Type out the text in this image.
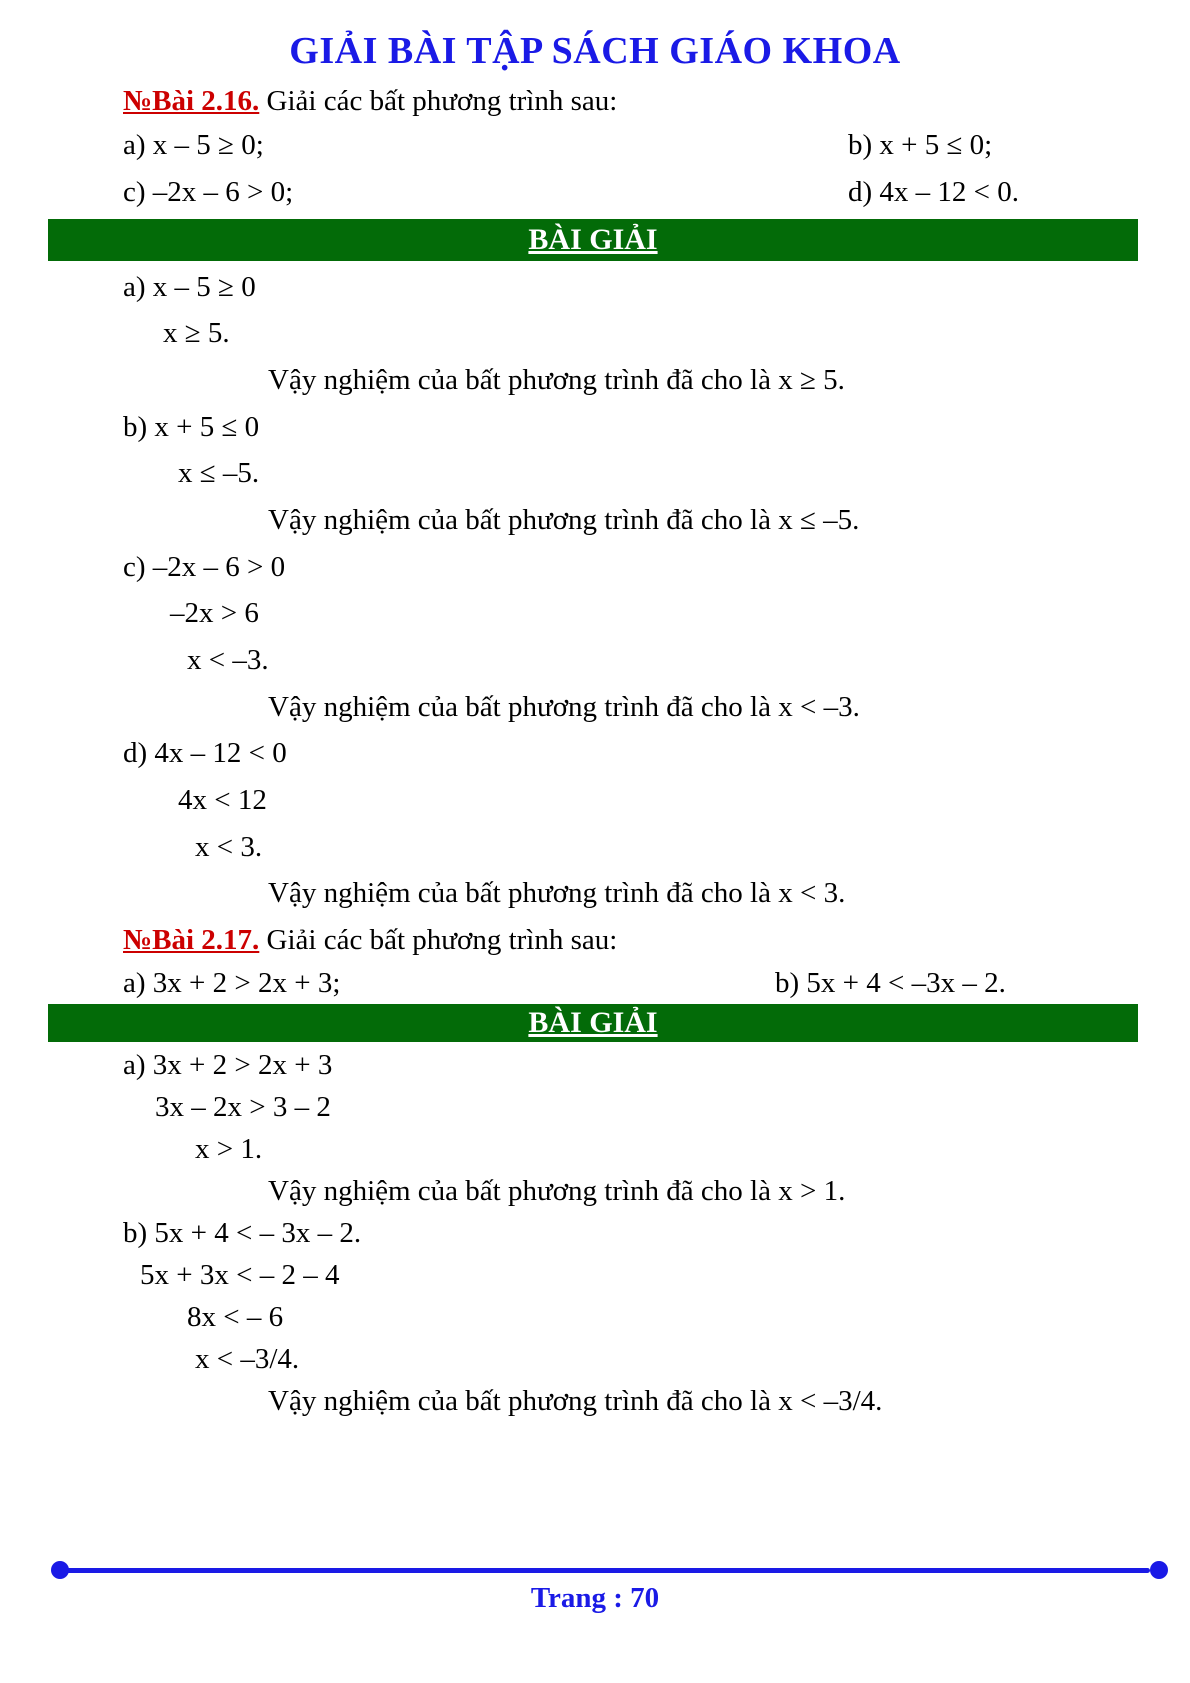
GIẢI BÀI TẬP SÁCH GIÁO KHOA
№Bài 2.16. Giải các bất phương trình sau:
a) x – 5 ≥ 0;	b) x + 5 ≤ 0;
c) –2x – 6 > 0;	d) 4x – 12 < 0.
BÀI GIẢI
a) x – 5 ≥ 0
x ≥ 5.
Vậy nghiệm của bất phương trình đã cho là x ≥ 5.
b) x + 5 ≤ 0
x ≤ –5.
Vậy nghiệm của bất phương trình đã cho là x ≤ –5.
c) –2x – 6 > 0
–2x > 6
x < –3.
Vậy nghiệm của bất phương trình đã cho là x < –3.
d) 4x – 12 < 0
4x < 12
x < 3.
Vậy nghiệm của bất phương trình đã cho là x < 3.
№Bài 2.17. Giải các bất phương trình sau:
a) 3x + 2 > 2x + 3;	b) 5x + 4 < –3x – 2.
BÀI GIẢI
a) 3x + 2 > 2x + 3
3x – 2x > 3 – 2
x > 1.
Vậy nghiệm của bất phương trình đã cho là x > 1.
b) 5x + 4 < – 3x – 2.
5x + 3x < – 2 – 4
8x < – 6
x < –3/4.
Vậy nghiệm của bất phương trình đã cho là x < –3/4.
Trang : 70
